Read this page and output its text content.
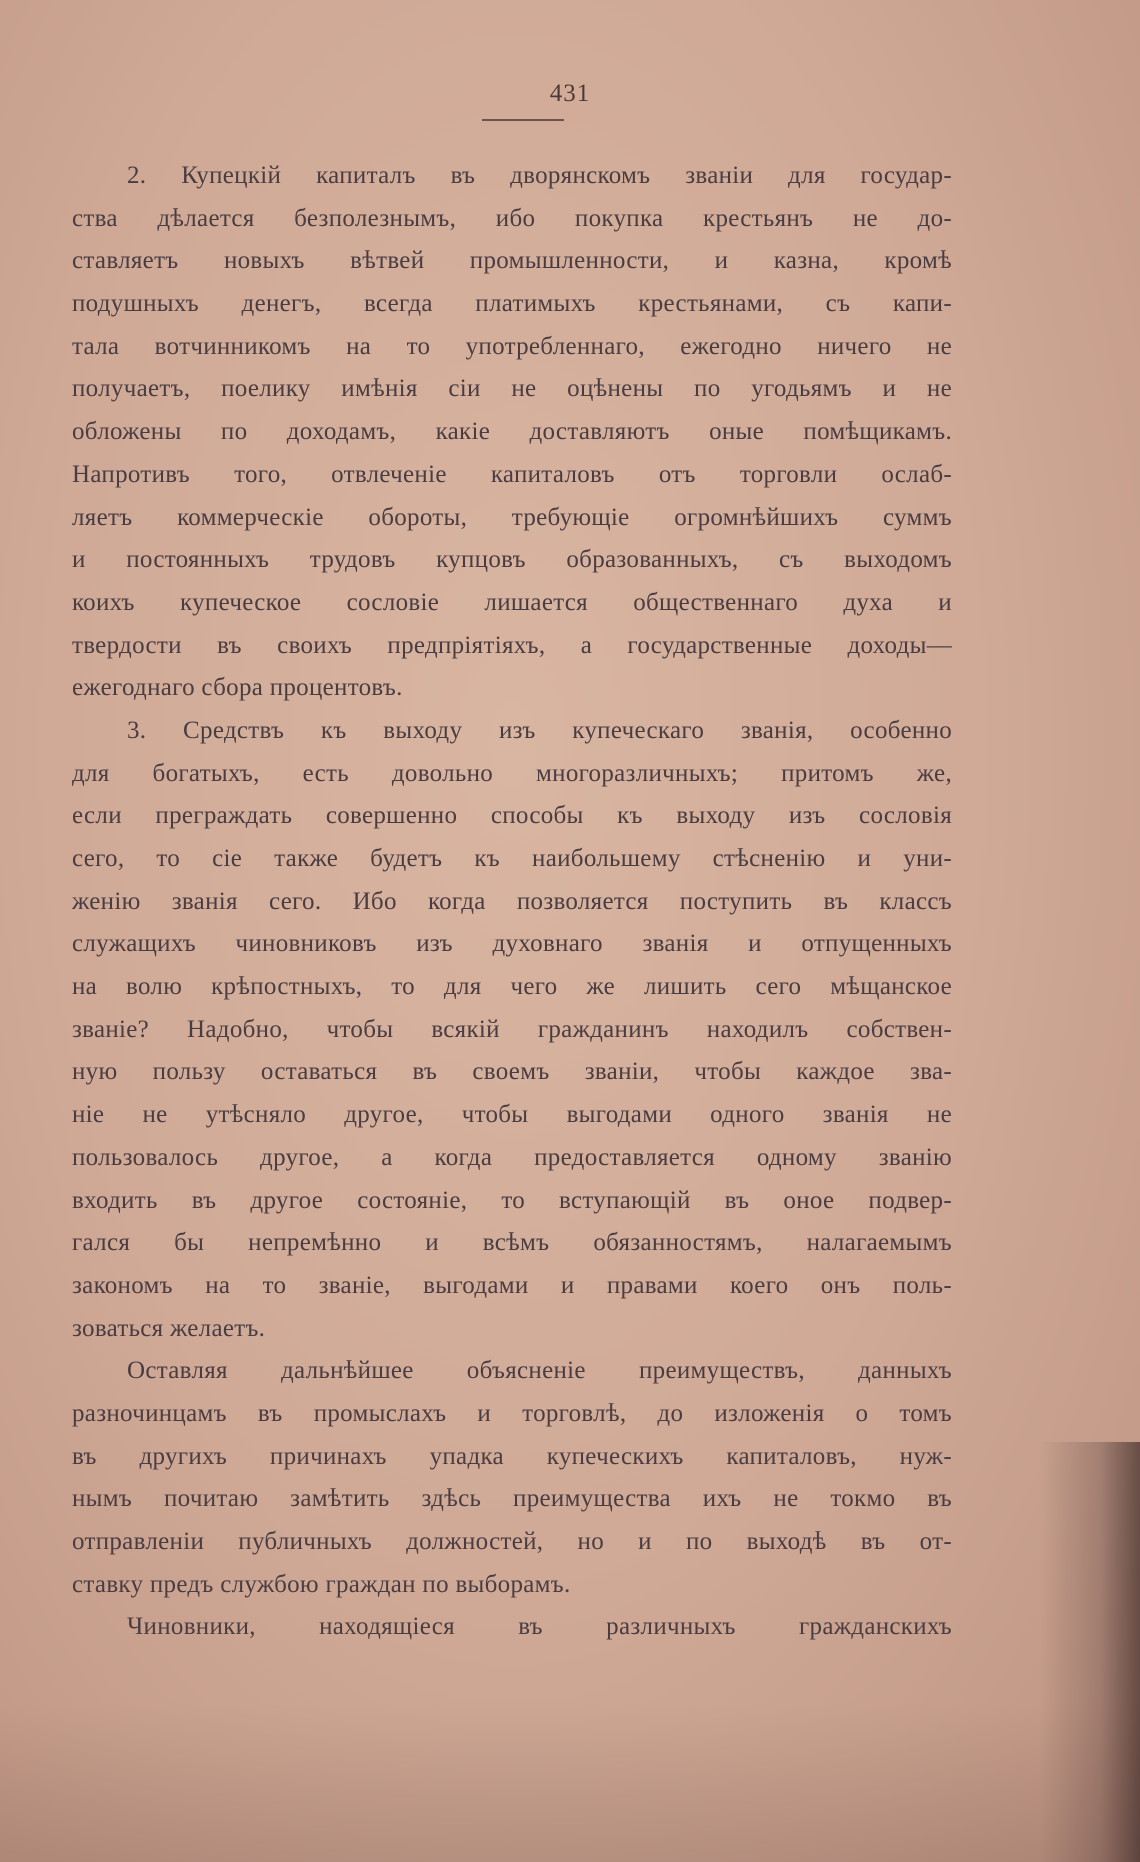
431
2. Купецкій капиталъ въ дворянскомъ званіи для государ-
ства дѣлается безполезнымъ, ибо покупка крестьянъ не до-
ставляетъ новыхъ вѣтвей промышленности, и казна, кромѣ
подушныхъ денегъ, всегда платимыхъ крестьянами, съ капи-
тала вотчинникомъ на то употребленнаго, ежегодно ничего не
получаетъ, поелику имѣнія сіи не оцѣнены по угодьямъ и не
обложены по доходамъ, какіе доставляютъ оные помѣщикамъ.
Напротивъ того, отвлеченіе капиталовъ отъ торговли ослаб-
ляетъ коммерческіе обороты, требующіе огромнѣйшихъ суммъ
и постоянныхъ трудовъ купцовъ образованныхъ, съ выходомъ
коихъ купеческое сословіе лишается общественнаго духа и
твердости въ своихъ предпріятіяхъ, а государственные доходы—
ежегоднаго сбора процентовъ.
3. Средствъ къ выходу изъ купеческаго званія, особенно
для богатыхъ, есть довольно многоразличныхъ; притомъ же,
если преграждать совершенно способы къ выходу изъ сословія
сего, то сіе также будетъ къ наибольшему стѣсненію и уни-
женію званія сего. Ибо когда позволяется поступить въ классъ
служащихъ чиновниковъ изъ духовнаго званія и отпущенныхъ
на волю крѣпостныхъ, то для чего же лишить сего мѣщанское
званіе? Надобно, чтобы всякій гражданинъ находилъ собствен-
ную пользу оставаться въ своемъ званіи, чтобы каждое зва-
ніе не утѣсняло другое, чтобы выгодами одного званія не
пользовалось другое, а когда предоставляется одному званію
входить въ другое состояніе, то вступающій въ оное подвер-
гался бы непремѣнно и всѣмъ обязанностямъ, налагаемымъ
закономъ на то званіе, выгодами и правами коего онъ поль-
зоваться желаетъ.
Оставляя дальнѣйшее объясненіе преимуществъ, данныхъ
разночинцамъ въ промыслахъ и торговлѣ, до изложенія о томъ
въ другихъ причинахъ упадка купеческихъ капиталовъ, нуж-
нымъ почитаю замѣтить здѣсь преимущества ихъ не токмо въ
отправленіи публичныхъ должностей, но и по выходѣ въ от-
ставку предъ службою граждан по выборамъ.
Чиновники, находящіеся въ различныхъ гражданскихъ
